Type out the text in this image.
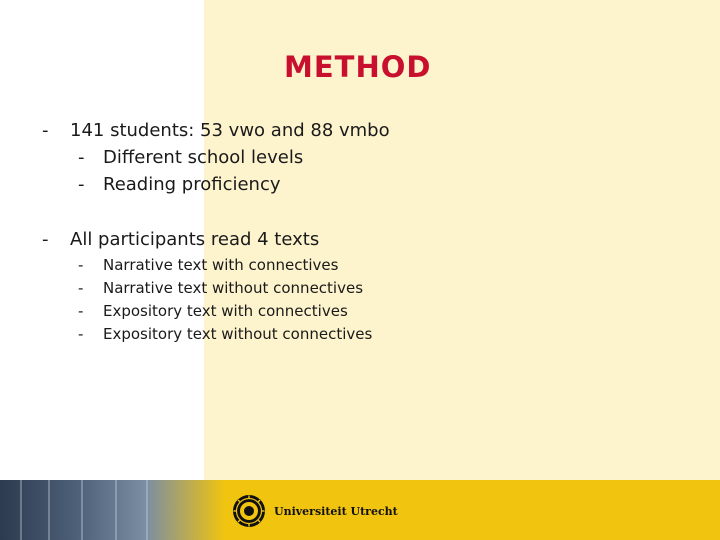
METHOD
- 141 students: 53 vwo and 88 vmbo
- Different school levels
- Reading proficiency
- All participants read 4 texts
- Narrative text with connectives
- Narrative text without connectives
- Expository text with connectives
- Expository text without connectives
Universiteit Utrecht
